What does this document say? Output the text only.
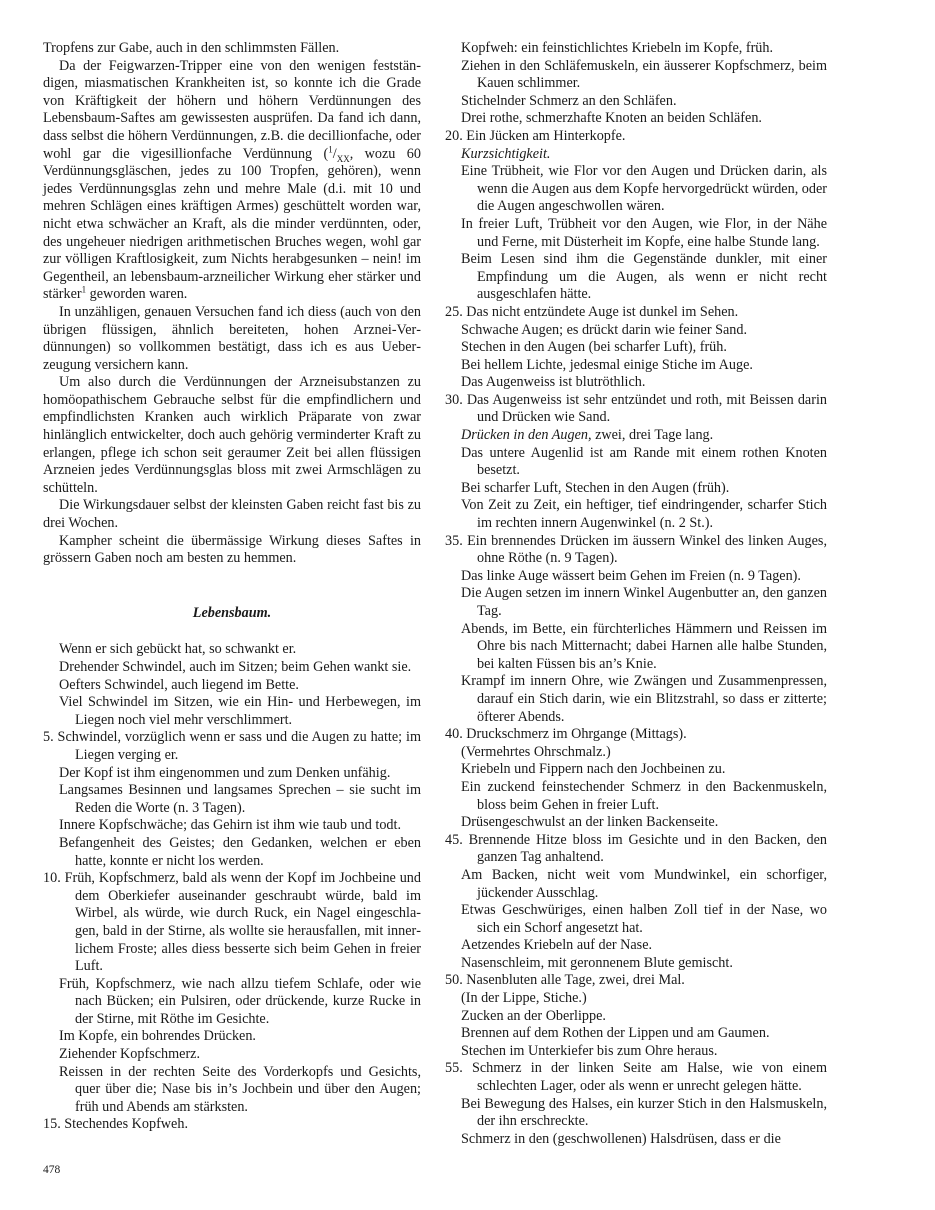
Tropfens zur Gabe, auch in den schlimmsten Fällen.

Da der Feigwarzen-Tripper eine von den wenigen festständigen, miasmatischen Krankheiten ist, so konnte ich die Grade von Kräftigkeit der höhern und höhern Verdünnungen des Lebensbaum-Saftes am gewissesten ausprüfen. Da fand ich dann, dass selbst die höhern Verdünnungen, z.B. die decillionfache, oder wohl gar die vigesillionfache Verdünnung ($^1/_{XX}$, wozu 60 Verdünnungsgläschen, jedes zu 100 Tropfen, gehören), wenn jedes Verdünnungsglas zehn und mehre Male (d.i. mit 10 und mehren Schlägen eines kräftigen Armes) geschüttelt worden war, nicht etwa schwächer an Kraft, als die minder verdünnten, oder, des ungeheuer niedrigen arithmetischen Bruches wegen, wohl gar zur völligen Kraftlosigkeit, zum Nichts herabgesunken – nein! im Gegentheil, an lebensbaum-arzneilicher Wirkung eher stärker und stärker$^1$ geworden waren.

In unzähligen, genauen Versuchen fand ich diess (auch von den übrigen flüssigen, ähnlich bereiteten, hohen Arznei-Verdünnungen) so vollkommen bestätigt, dass ich es aus Ueberzeugung versichern kann.

Um also durch die Verdünnungen der Arzneisubstanzen zu homöopathischem Gebrauche selbst für die empfindlichern und empfindlichsten Kranken auch wirklich Präparate von zwar hinlänglich entwickelter, doch auch gehörig verminderter Kraft zu erlangen, pflege ich schon seit geraumer Zeit bei allen flüssigen Arzneien jedes Verdünnungsglas bloss mit zwei Armschlägen zu schütteln.

Die Wirkungsdauer selbst der kleinsten Gaben reicht fast bis zu drei Wochen.

Kampher scheint die übermässige Wirkung dieses Saftes in grössern Gaben noch am besten zu hemmen.

Lebensbaum.

Wenn er sich gebückt hat, so schwankt er.

Drehender Schwindel, auch im Sitzen; beim Gehen wankt sie.

Oefters Schwindel, auch liegend im Bette.

Viel Schwindel im Sitzen, wie ein Hin- und Herbewegen, im Liegen noch viel mehr verschlimmert.

5. Schwindel, vorzüglich wenn er sass und die Augen zu hatte; im Liegen verging er.

Der Kopf ist ihm eingenommen und zum Denken unfähig.

Langsames Besinnen und langsames Sprechen – sie sucht im Reden die Worte (n. 3 Tagen).

Innere Kopfschwäche; das Gehirn ist ihm wie taub und todt.

Befangenheit des Geistes; den Gedanken, welchen er eben hatte, konnte er nicht los werden.

10. Früh, Kopfschmerz, bald als wenn der Kopf im Jochbeine und dem Oberkiefer auseinander geschraubt würde, bald im Wirbel, als würde, wie durch Ruck, ein Nagel eingeschlagen, bald in der Stirne, als wollte sie herausfallen, mit innerlichem Froste; alles diess besserte sich beim Gehen in freier Luft.

Früh, Kopfschmerz, wie nach allzu tiefem Schlafe, oder wie nach Bücken; ein Pulsiren, oder drückende, kurze Rucke in der Stirne, mit Röthe im Gesichte.

Im Kopfe, ein bohrendes Drücken.

Ziehender Kopfschmerz.

Reissen in der rechten Seite des Vorderkopfs und Gesichts, quer über die; Nase bis in’s Jochbein und über den Augen; früh und Abends am stärksten.

15. Stechendes Kopfweh.

Kopfweh: ein feinstichlichtes Kriebeln im Kopfe, früh.

Ziehen in den Schläfemuskeln, ein äusserer Kopfschmerz, beim Kauen schlimmer.

Stichelnder Schmerz an den Schläfen.

Drei rothe, schmerzhafte Knoten an beiden Schläfen.

20. Ein Jücken am Hinterkopfe.

Kurzsichtigkeit.

Eine Trübheit, wie Flor vor den Augen und Drücken darin, als wenn die Augen aus dem Kopfe hervorgedrückt würden, oder die Augen angeschwollen wären.

In freier Luft, Trübheit vor den Augen, wie Flor, in der Nähe und Ferne, mit Düsterheit im Kopfe, eine halbe Stunde lang.

Beim Lesen sind ihm die Gegenstände dunkler, mit einer Empfindung um die Augen, als wenn er nicht recht ausgeschlafen hätte.

25. Das nicht entzündete Auge ist dunkel im Sehen.

Schwache Augen; es drückt darin wie feiner Sand.

Stechen in den Augen (bei scharfer Luft), früh.

Bei hellem Lichte, jedesmal einige Stiche im Auge.

Das Augenweiss ist blutröthlich.

30. Das Augenweiss ist sehr entzündet und roth, mit Beissen darin und Drücken wie Sand.

Drücken in den Augen, zwei, drei Tage lang.

Das untere Augenlid ist am Rande mit einem rothen Knoten besetzt.

Bei scharfer Luft, Stechen in den Augen (früh).

Von Zeit zu Zeit, ein heftiger, tief eindringender, scharfer Stich im rechten innern Augenwinkel (n. 2 St.).

35. Ein brennendes Drücken im äussern Winkel des linken Auges, ohne Röthe (n. 9 Tagen).

Das linke Auge wässert beim Gehen im Freien (n. 9 Tagen).

Die Augen setzen im innern Winkel Augenbutter an, den ganzen Tag.

Abends, im Bette, ein fürchterliches Hämmern und Reissen im Ohre bis nach Mitternacht; dabei Harnen alle halbe Stunden, bei kalten Füssen bis an’s Knie.

Krampf im innern Ohre, wie Zwängen und Zusammenpressen, darauf ein Stich darin, wie ein Blitzstrahl, so dass er zitterte; öfterer Abends.

40. Druckschmerz im Ohrgange (Mittags).

(Vermehrtes Ohrschmalz.)

Kriebeln und Fippern nach den Jochbeinen zu.

Ein zuckend feinstechender Schmerz in den Backenmuskeln, bloss beim Gehen in freier Luft.

Drüsengeschwulst an der linken Backenseite.

45. Brennende Hitze bloss im Gesichte und in den Backen, den ganzen Tag anhaltend.

Am Backen, nicht weit vom Mundwinkel, ein schorfiger, jückender Ausschlag.

Etwas Geschwüriges, einen halben Zoll tief in der Nase, wo sich ein Schorf angesetzt hat.

Aetzendes Kriebeln auf der Nase.

Nasenschleim, mit geronnenem Blute gemischt.

50. Nasenbluten alle Tage, zwei, drei Mal.

(In der Lippe, Stiche.)

Zucken an der Oberlippe.

Brennen auf dem Rothen der Lippen und am Gaumen.

Stechen im Unterkiefer bis zum Ohre heraus.

55. Schmerz in der linken Seite am Halse, wie von einem schlechten Lager, oder als wenn er unrecht gelegen hätte.

Bei Bewegung des Halses, ein kurzer Stich in den Halsmuskeln, der ihn erschreckte.

Schmerz in den (geschwollenen) Halsdrüsen, dass er die

478
